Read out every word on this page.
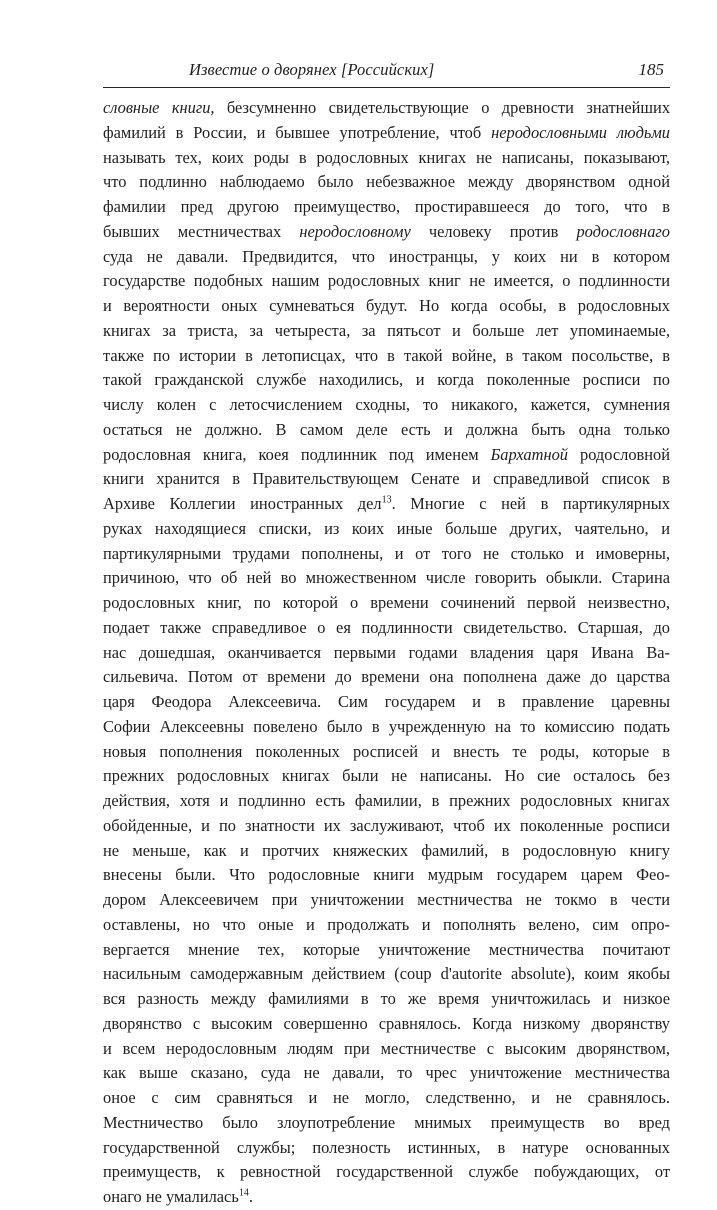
Известие о дворянех [Российских]	185
словные книги, безсумненно свидетельствующие о древности знатнейших
фамилий в России, и бывшее употребление, чтоб неродословными людьми
называть тех, коих роды в родословных книгах не написаны, показывают,
что подлинно наблюдаемо было небезважное между дворянством одной
фамилии пред другою преимущество, простиравшееся до того, что в
бывших местничествах неродословному человеку против родословнаго
суда не давали. Предвидится, что иностранцы, у коих ни в котором
государстве подобных нашим родословных книг не имеется, о подлинности
и вероятности оных сумневаться будут. Но когда особы, в родословных
книгах за триста, за четыреста, за пятьсот и больше лет упоминаемые,
также по истории в летописцах, что в такой войне, в таком посольстве, в
такой гражданской службе находились, и когда поколенные росписи по
числу колен с летосчислением сходны, то никакого, кажется, сумнения
остаться не должно. В самом деле есть и должна быть одна только
родословная книга, коея подлинник под именем Бархатной родословной
книги хранится в Правительствующем Сенате и справедливой список в
Архиве Коллегии иностранных дел$^{13}$. Многие с ней в партикулярных
руках находящиеся списки, из коих иные больше других, чаятельно, и
партикулярными трудами пополнены, и от того не столько и имоверны,
причиною, что об ней во множественном числе говорить обыкли. Старина
родословных книг, по которой о времени сочинений первой неизвестно,
подает также справедливое о ея подлинности свидетельство. Старшая, до
нас дошедшая, оканчивается первыми годами владения царя Ивана Ва-
сильевича. Потом от времени до времени она пополнена даже до царства
царя Феодора Алексеевича. Сим государем и в правление царевны
Софии Алексеевны повелено было в учрежденную на то комиссию подать
новыя пополнения поколенных росписей и внесть те роды, которые в
прежних родословных книгах были не написаны. Но сие осталось без
действия, хотя и подлинно есть фамилии, в прежних родословных книгах
обойденные, и по знатности их заслуживают, чтоб их поколенные росписи
не меньше, как и протчих княжеских фамилий, в родословную книгу
внесены были. Что родословные книги мудрым государем царем Фео-
дором Алексеевичем при уничтожении местничества не токмо в чести
оставлены, но что оные и продолжать и пополнять велено, сим опро-
вергается мнение тех, которые уничтожение местничества почитают
насильным самодержавным действием (coup d'autorite absolute), коим якобы
вся разность между фамилиями в то же время уничтожилась и низкое
дворянство с высоким совершенно сравнялось. Когда низкому дворянству
и всем неродословным людям при местничестве с высоким дворянством,
как выше сказано, суда не давали, то чрес уничтожение местничества
оное с сим сравняться и не могло, следственно, и не сравнялось.
Местничество было злоупотребление мнимых преимуществ во вред
государственной службы; полезность истинных, в натуре основанных
преимуществ, к ревностной государственной службе побуждающих, от
онаго не умалилась$^{14}$.
